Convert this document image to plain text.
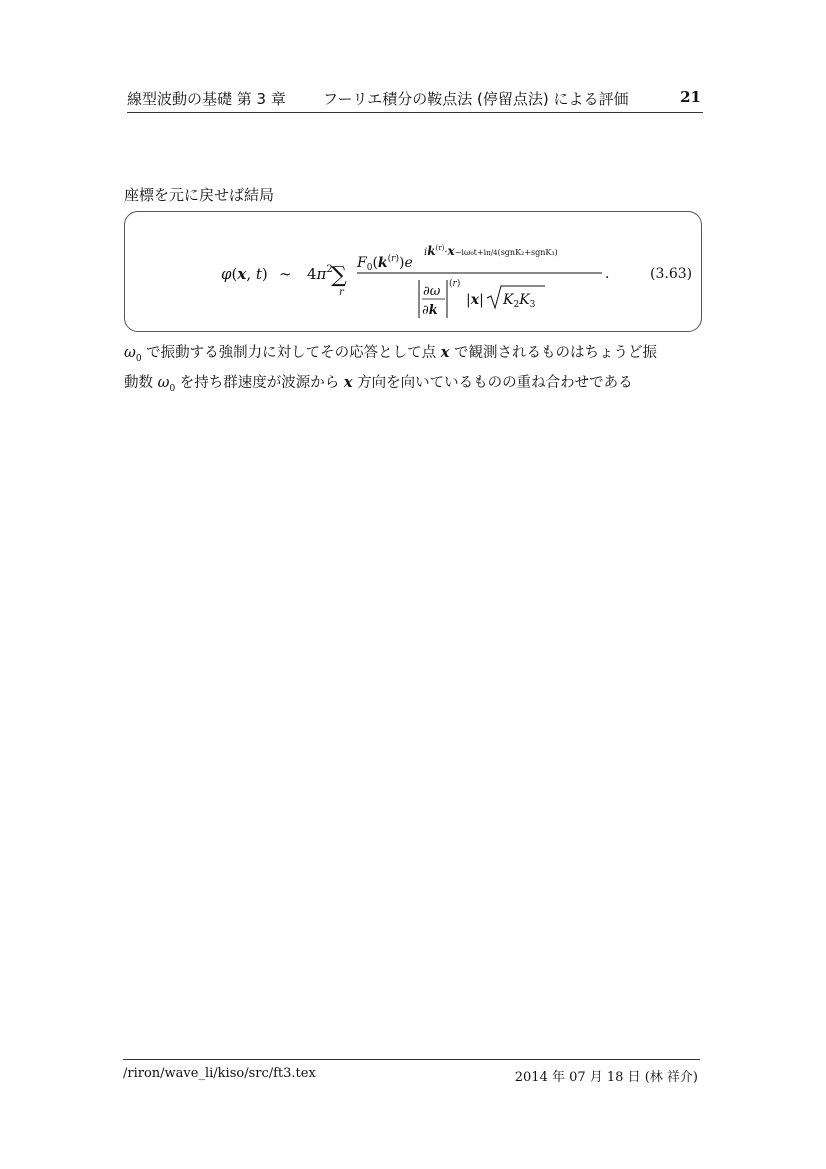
線型波動の基礎 第 3 章 フーリエ積分の鞍点法 (停留点法) による評価	21
座標を元に戻せば結局
φ(x, t) ∼ $4\pi^2$
∑
r
$F_0(k^(r))e$
$ik^{(r)}\cdot x-i\omega_0t+i\pi/4(sgnK_2+sgnK_3)$
.
∂ω
∂k
(r)
|x| $K_2K_3$
(3.63)
$\omega_0$ で振動する強制力に対してその応答として点 x で観測されるものはちょうど振
動数 $\omega_0$ を持ち群速度が波源から x 方向を向いているものの重ね合わせである
/riron/wave_li/kiso/src/ft3.tex	2014 年 07 月 18 日 (林 祥介)
